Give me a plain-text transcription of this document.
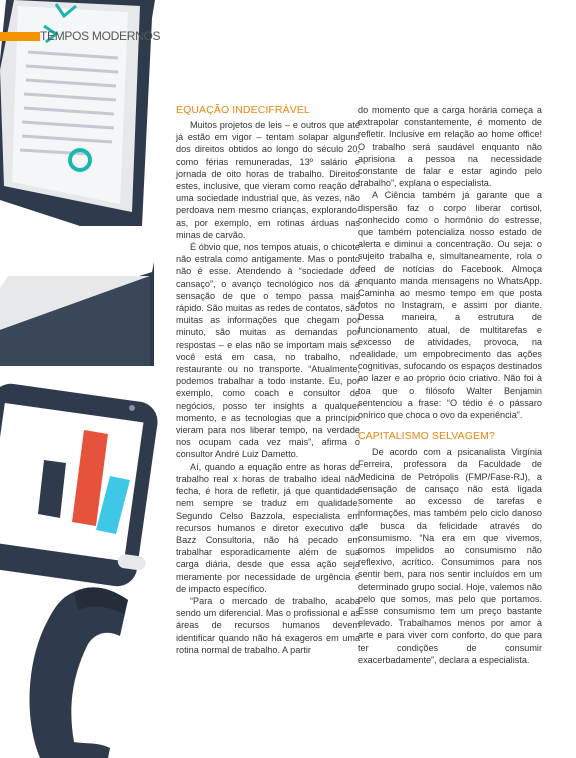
TEMPOS MODERNOS
EQUAÇÃO INDECIFRÁVEL

Muitos projetos de leis – e outros que até já estão em vigor – tentam solapar alguns dos direitos obtidos ao longo do século 20, como férias remuneradas, 13º salário e jornada de oito horas de trabalho. Direitos estes, inclusive, que vieram como reação de uma sociedade industrial que, às vezes, não perdoava nem mesmo crianças, explorando-as, por exemplo, em rotinas árduas nas minas de carvão.

É óbvio que, nos tempos atuais, o chicote não estrala como antigamente. Mas o ponto não é esse. Atendendo à “sociedade do cansaço”, o avanço tecnológico nos dá a sensação de que o tempo passa mais rápido. São muitas as redes de contatos, são muitas as informações que chegam por minuto, são muitas as demandas por respostas – e elas não se importam mais se você está em casa, no trabalho, no restaurante ou no transporte. “Atualmente, podemos trabalhar a todo instante. Eu, por exemplo, como coach e consultor de negócios, posso ter insights a qualquer momento, e as tecnologias que a princípio vieram para nos liberar tempo, na verdade nos ocupam cada vez mais”, afirma o consultor André Luiz Dametto.

Aí, quando a equação entre as horas de trabalho real x horas de trabalho ideal não fecha, é hora de refletir, já que quantidade nem sempre se traduz em qualidade. Segundo Celso Bazzola, especialista em recursos humanos e diretor executivo da Bazz Consultoria, não há pecado em trabalhar esporadicamente além de sua carga diária, desde que essa ação seja meramente por necessidade de urgência e de impacto específico.

“Para o mercado de trabalho, acaba sendo um diferencial. Mas o profissional e as áreas de recursos humanos devem identificar quando não há exageros em uma rotina normal de trabalho. A partir

do momento que a carga horária começa a extrapolar constantemente, é momento de refletir. Inclusive em relação ao home office! O trabalho será saudável enquanto não aprisiona a pessoa na necessidade constante de falar e estar agindo pelo trabalho”, explana o especialista.

A Ciência também já garante que a dispersão faz o corpo liberar cortisol, conhecido como o hormônio do estresse, que também potencializa nosso estado de alerta e diminui a concentração. Ou seja: o sujeito trabalha e, simultaneamente, rola o feed de notícias do Facebook. Almoça enquanto manda mensagens no WhatsApp. Caminha ao mesmo tempo em que posta fotos no Instagram, e assim por diante. Dessa maneira, a estrutura de funcionamento atual, de multitarefas e excesso de atividades, provoca, na realidade, um empobrecimento das ações cognitivas, sufocando os espaços destinados ao lazer e ao próprio ócio criativo. Não foi à toa que o filósofo Walter Benjamin sentenciou a frase: “O tédio é o pássaro onírico que choca o ovo da experiência”.

CAPITALISMO SELVAGEM?

De acordo com a psicanalista Virgínia Ferreira, professora da Faculdade de Medicina de Petrópolis (FMP/Fase-RJ), a sensação de cansaço não está ligada somente ao excesso de tarefas e informações, mas também pelo ciclo danoso de busca da felicidade através do consumismo. “Na era em que vivemos, somos impelidos ao consumismo não reflexivo, acrítico. Consumimos para nos sentir bem, para nos sentir incluídos em um determinado grupo social. Hoje, valemos não pelo que somos, mas pelo que portamos. Esse consumismo tem um preço bastante elevado. Trabalhamos menos por amor à arte e para viver com conforto, do que para ter condições de consumir exacerbadamente”, declara a especialista.
